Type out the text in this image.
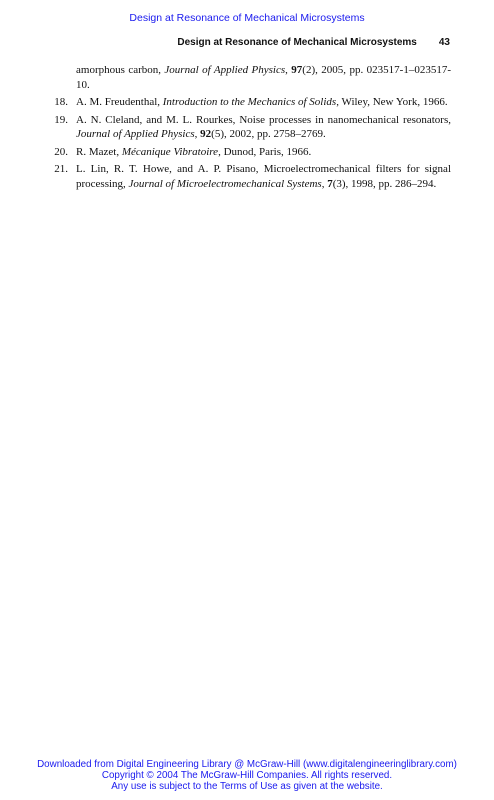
Design at Resonance of Mechanical Microsystems
Design at Resonance of Mechanical Microsystems 43
amorphous carbon, Journal of Applied Physics, 97(2), 2005, pp. 023517-1–023517-10.
18. A. M. Freudenthal, Introduction to the Mechanics of Solids, Wiley, New York, 1966.
19. A. N. Cleland, and M. L. Rourkes, Noise processes in nanomechanical resonators, Journal of Applied Physics, 92(5), 2002, pp. 2758–2769.
20. R. Mazet, Mécanique Vibratoire, Dunod, Paris, 1966.
21. L. Lin, R. T. Howe, and A. P. Pisano, Microelectromechanical filters for signal processing, Journal of Microelectromechanical Systems, 7(3), 1998, pp. 286–294.
Downloaded from Digital Engineering Library @ McGraw-Hill (www.digitalengineeringlibrary.com)
Copyright © 2004 The McGraw-Hill Companies. All rights reserved.
Any use is subject to the Terms of Use as given at the website.
